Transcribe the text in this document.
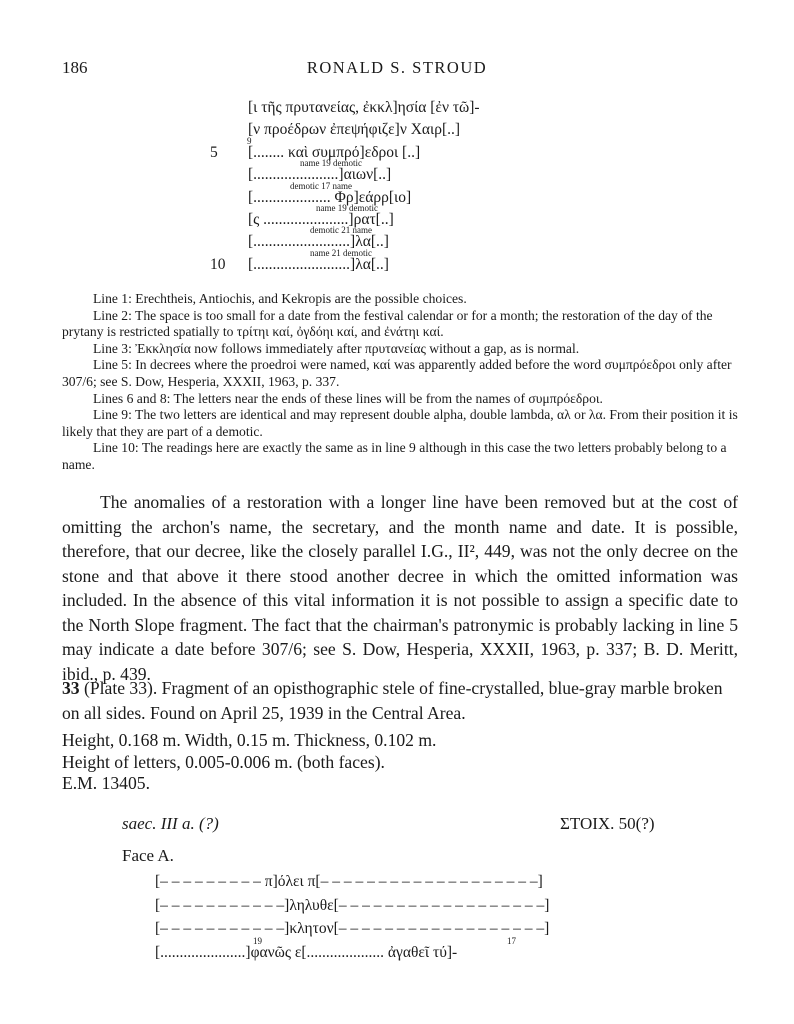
186	RONALD S. STROUD
[ι τῆς πρυτανείας, ἐκκλ]ησία [ἐν τῶ]-
[ν προέδρων ἐπεψήφιζε]ν Χαιρ[..]
5	[........ καὶ συμπρό]εδροι [..]
9
[......................]αιων[..]
name 19 demotic
[.................... Φρ]εάρρ[ιο]
demotic 17 name
[ς ......................]ρατ[..]
name 19 demotic
[.........................]λα[..]
demotic 21 name
10	[.........................]λα[..]
name 21 demotic

Line 1: Erechtheis, Antiochis, and Kekropis are the possible choices.

Line 2: The space is too small for a date from the festival calendar or for a month; the restoration of the day of the prytany is restricted spatially to τρίτηι καί, ὀγδόηι καί, and ἐνάτηι καί.

Line 3: Ἐκκλησία now follows immediately after πρυτανείας without a gap, as is normal.

Line 5: In decrees where the proedroi were named, καί was apparently added before the word συμπρόεδροι only after 307/6; see S. Dow, Hesperia, XXXII, 1963, p. 337.

Lines 6 and 8: The letters near the ends of these lines will be from the names of συμπρόεδροι.

Line 9: The two letters are identical and may represent double alpha, double lambda, αλ or λα. From their position it is likely that they are part of a demotic.

Line 10: The readings here are exactly the same as in line 9 although in this case the two letters probably belong to a name.

The anomalies of a restoration with a longer line have been removed but at the cost of omitting the archon's name, the secretary, and the month name and date. It is possible, therefore, that our decree, like the closely parallel I.G., II², 449, was not the only decree on the stone and that above it there stood another decree in which the omitted information was included. In the absence of this vital information it is not possible to assign a specific date to the North Slope fragment. The fact that the chairman's patronymic is probably lacking in line 5 may indicate a date before 307/6; see S. Dow, Hesperia, XXXII, 1963, p. 337; B. D. Meritt, ibid., p. 439.

33 (Plate 33). Fragment of an opisthographic stele of fine-crystalled, blue-gray marble broken on all sides. Found on April 25, 1939 in the Central Area.

Height, 0.168 m. Width, 0.15 m. Thickness, 0.102 m.
Height of letters, 0.005-0.006 m. (both faces).
E.M. 13405.
saec. III a. (?)	ΣΤΟΙΧ. 50(?)
Face A.
[– – – – – – – – – π]όλει π[– – – – – – – – – – – – – – – – – – –]
[– – – – – – – – – – –]ληλυθε[– – – – – – – – – – – – – – – – – –]
[– – – – – – – – – – –]κλητον[– – – – – – – – – – – – – – – – – –]
[......................]φανῶς ε[.................... ἀγαθεῖ τύ]-
19	17
